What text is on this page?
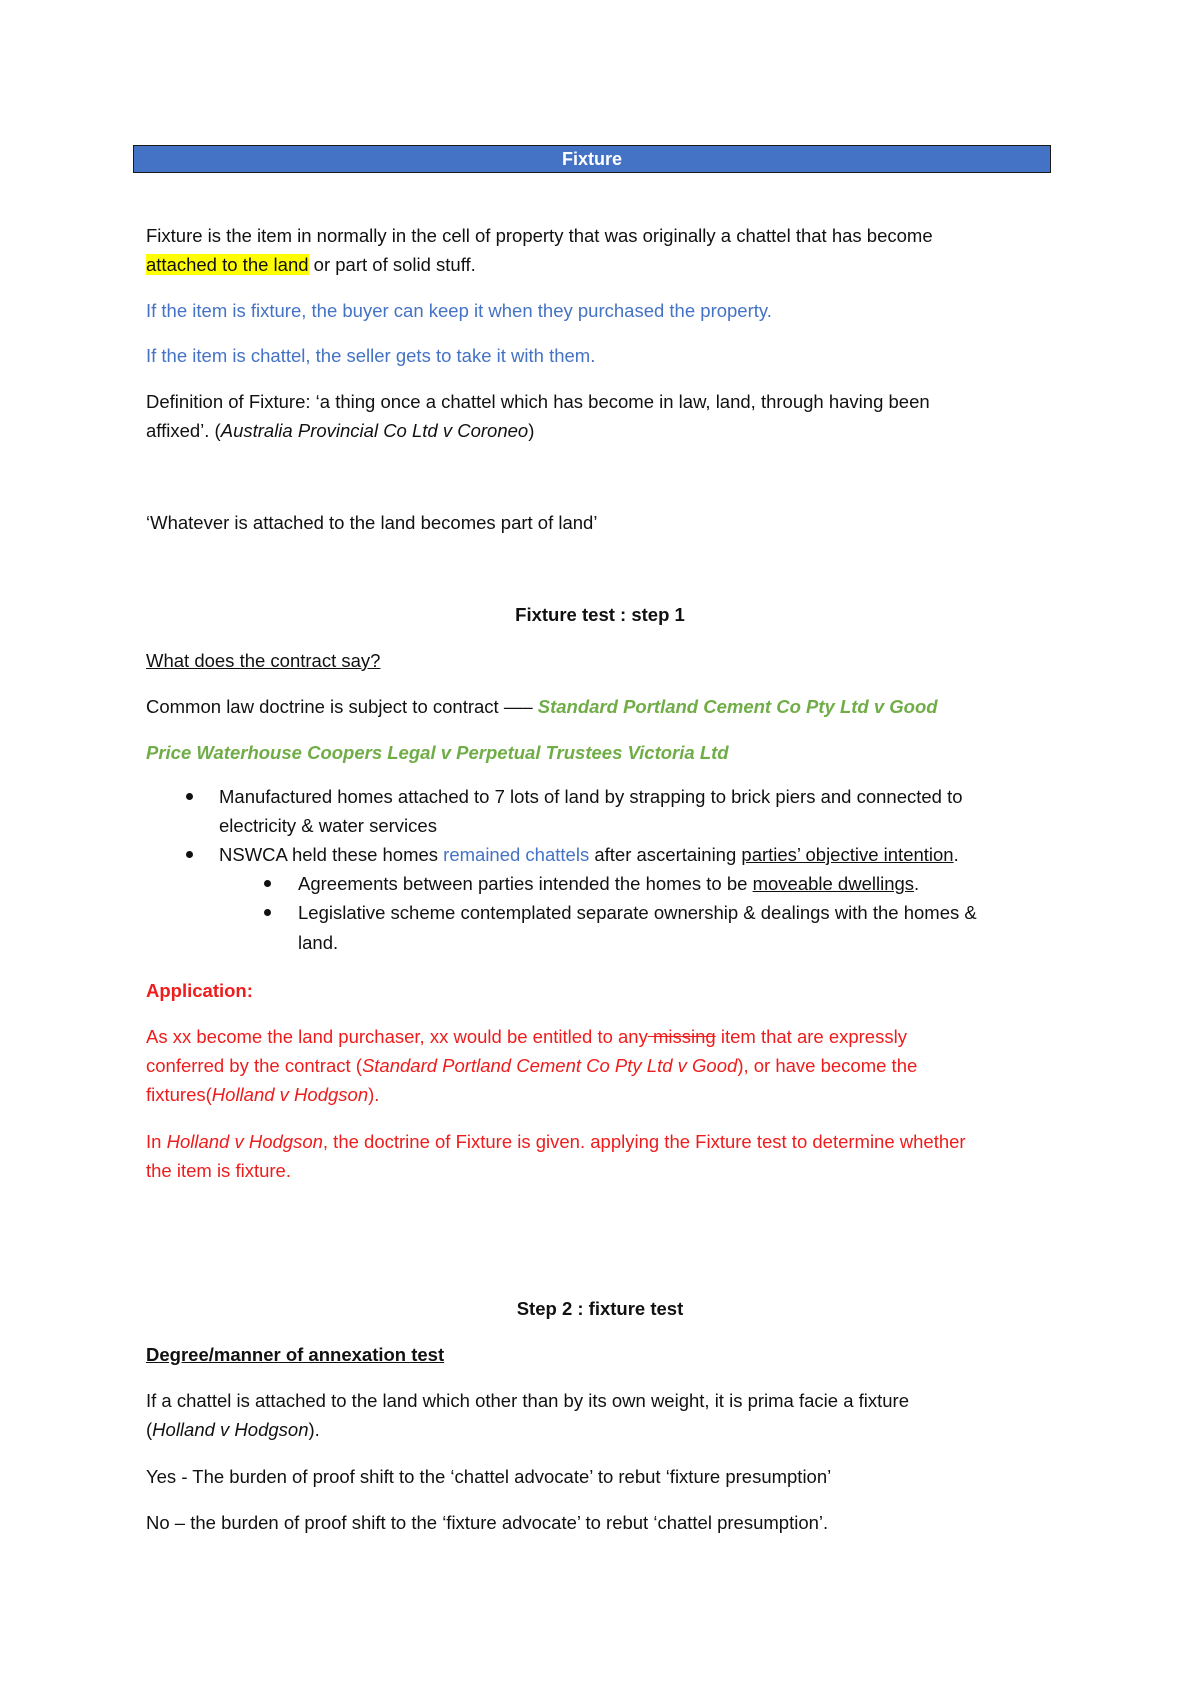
Fixture
Fixture is the item in normally in the cell of property that was originally a chattel that has become
attached to the land or part of solid stuff.
If the item is fixture, the buyer can keep it when they purchased the property.
If the item is chattel, the seller gets to take it with them.
Definition of Fixture: ‘a thing once a chattel which has become in law, land, through having been
affixed’. (Australia Provincial Co Ltd v Coroneo)
‘Whatever is attached to the land becomes part of land’
Fixture test : step 1
What does the contract say?
Common law doctrine is subject to contract —– Standard Portland Cement Co Pty Ltd v Good
Price Waterhouse Coopers Legal v Perpetual Trustees Victoria Ltd
Manufactured homes attached to 7 lots of land by strapping to brick piers and connected to
electricity & water services
NSWCA held these homes remained chattels after ascertaining parties’ objective intention.
Agreements between parties intended the homes to be moveable dwellings.
Legislative scheme contemplated separate ownership & dealings with the homes &
land.
Application:
As xx become the land purchaser, xx would be entitled to any missing item that are expressly
conferred by the contract (Standard Portland Cement Co Pty Ltd v Good), or have become the
fixtures(Holland v Hodgson).
In Holland v Hodgson, the doctrine of Fixture is given. applying the Fixture test to determine whether
the item is fixture.
Step 2 : fixture test
Degree/manner of annexation test
If a chattel is attached to the land which other than by its own weight, it is prima facie a fixture
(Holland v Hodgson).
Yes - The burden of proof shift to the ‘chattel advocate’ to rebut ‘fixture presumption’
No – the burden of proof shift to the ‘fixture advocate’ to rebut ‘chattel presumption’.
